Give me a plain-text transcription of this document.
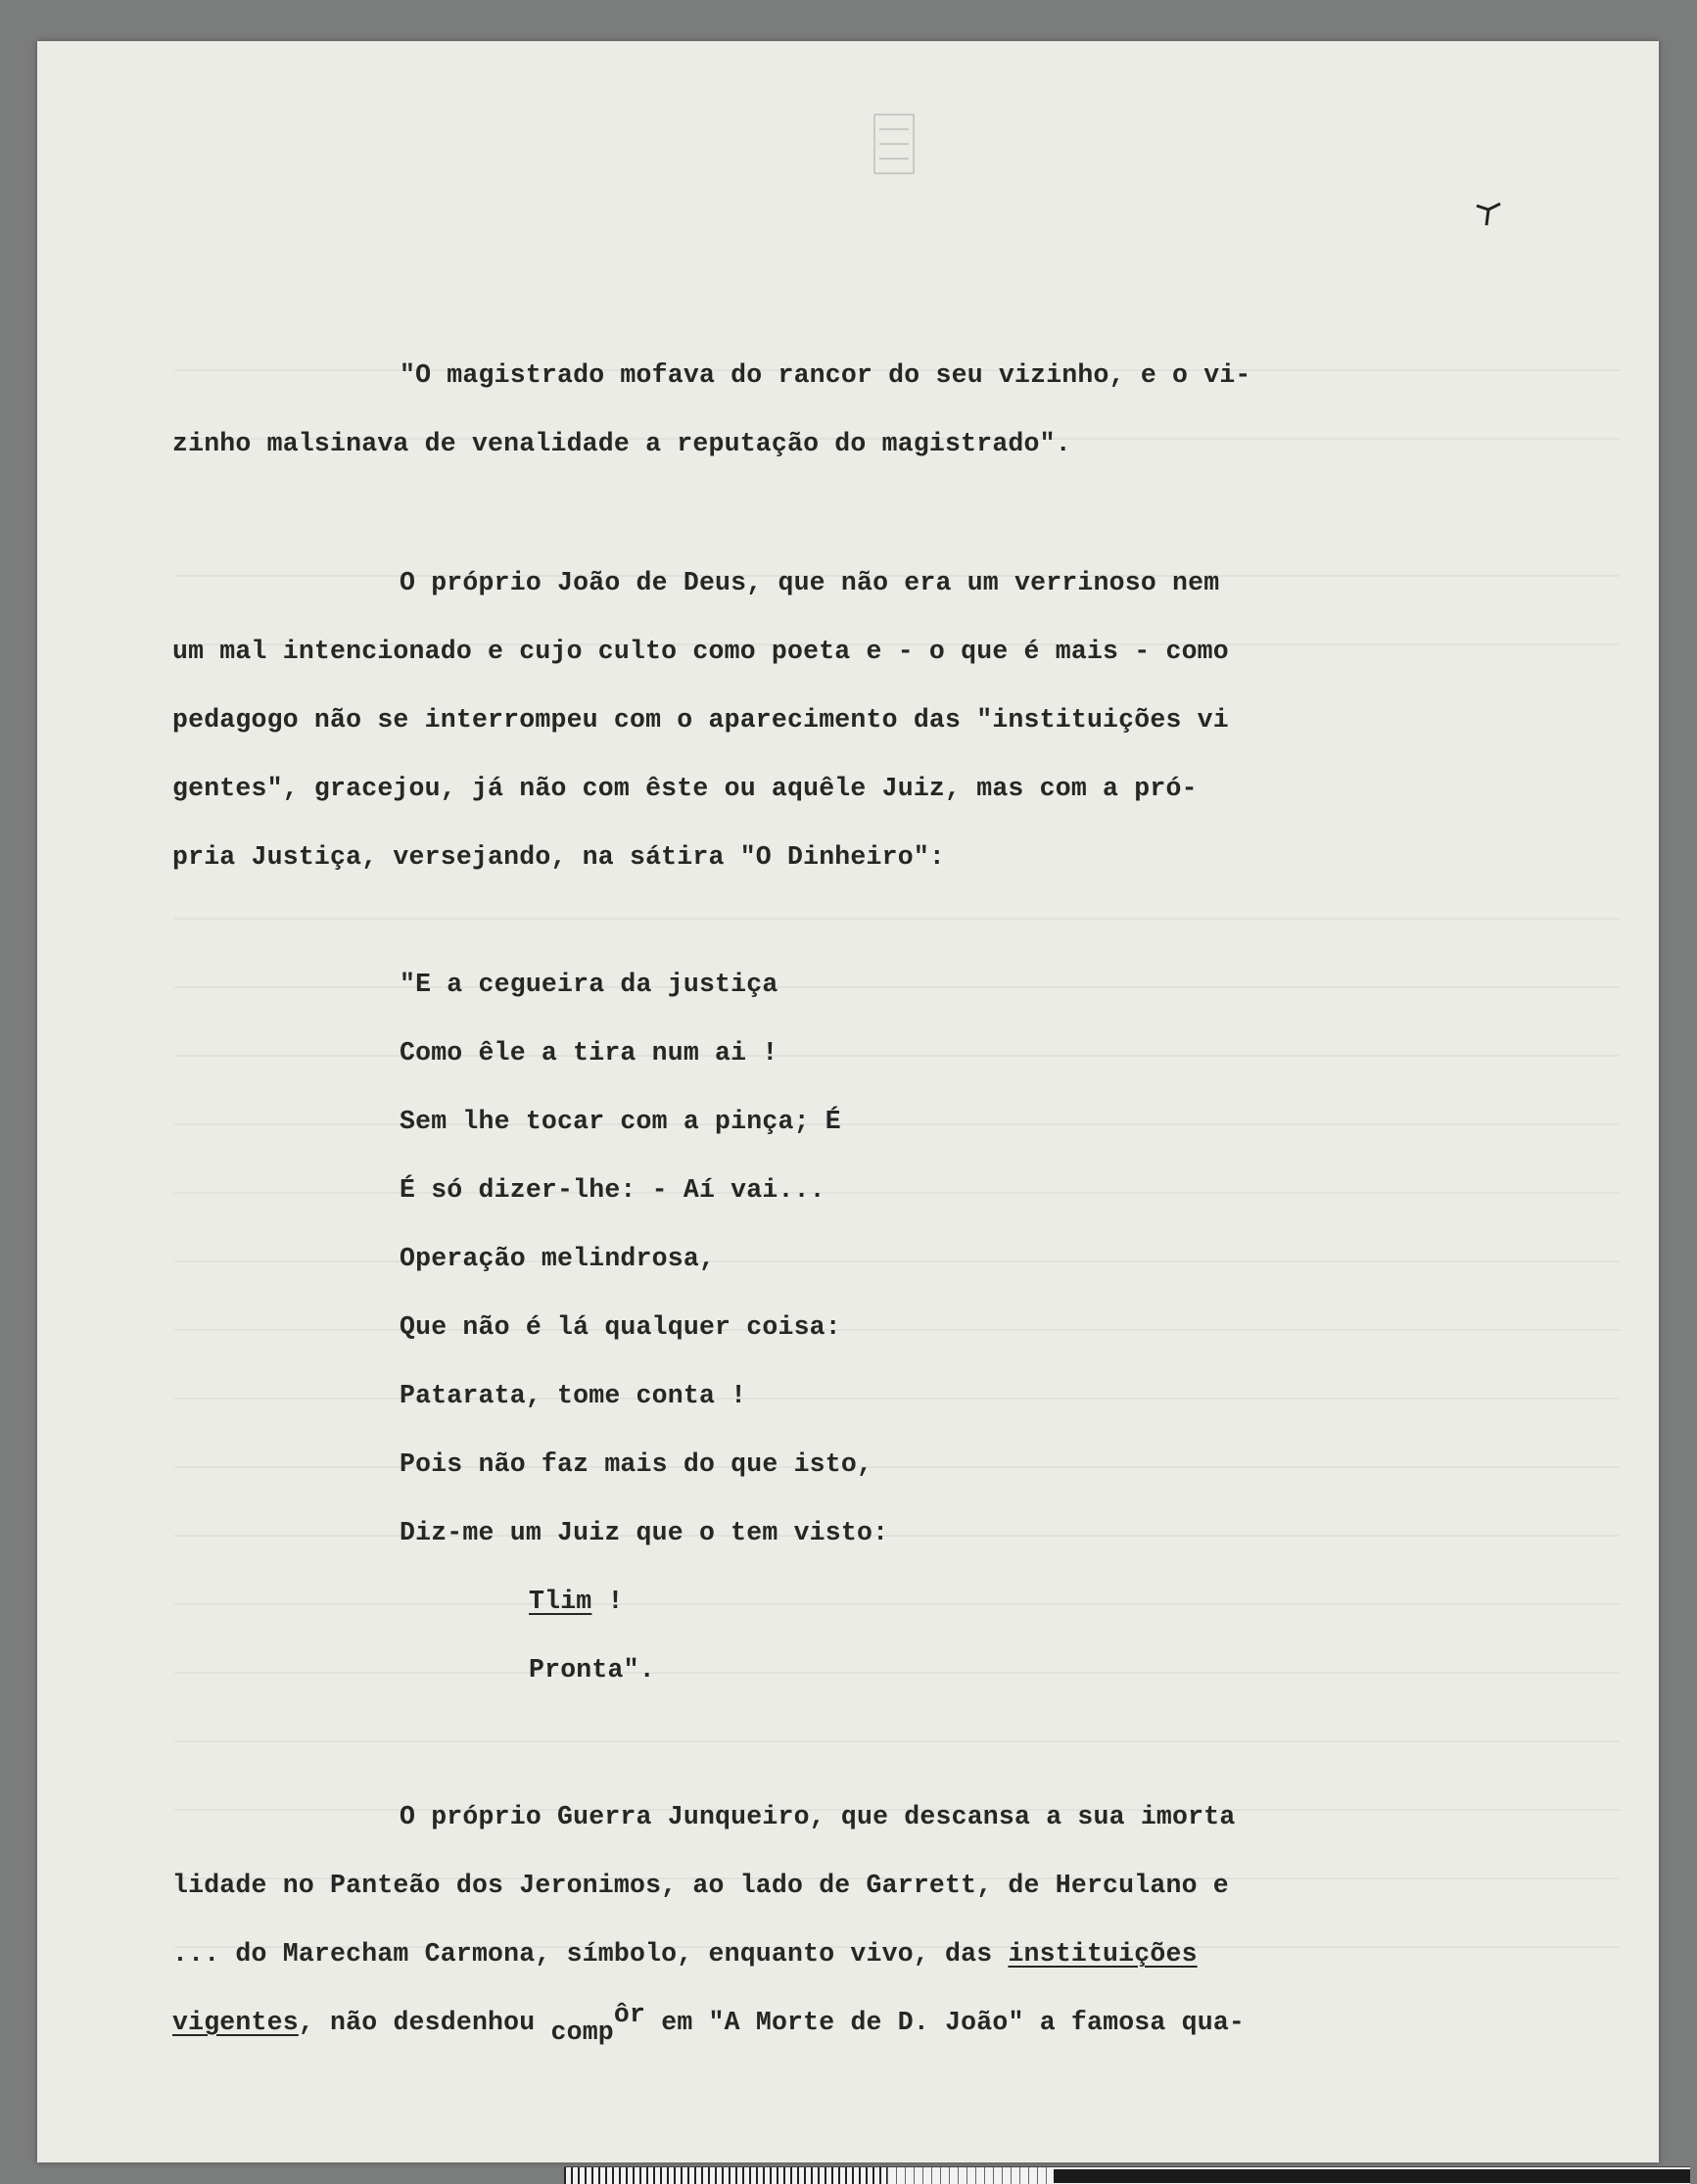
"O magistrado mofava do rancor do seu vizinho, e o vi-
zinho malsinava de venalidade a reputação do magistrado".
O próprio João de Deus, que não era um verrinoso nem
um mal intencionado e cujo culto como poeta e - o que é mais - como
pedagogo não se interrompeu com o aparecimento das "instituições vi
gentes", gracejou, já não com êste ou aquêle Juiz, mas com a pró-
pria Justiça, versejando, na sátira "O Dinheiro":
"E a cegueira da justiça
Como êle a tira num ai !
Sem lhe tocar com a pinça; É
É só dizer-lhe: - Aí vai...
Operação melindrosa,
Que não é lá qualquer coisa:
Patarata, tome conta !
Pois não faz mais do que isto,
Diz-me um Juiz que o tem visto:
Tlim !
Pronta".
O próprio Guerra Junqueiro, que descansa a sua imorta
lidade no Panteão dos Jeronimos, ao lado de Garrett, de Herculano e
... do Marecham Carmona, símbolo, enquanto vivo, das instituições
vigentes, não desdenhou compôr em "A Morte de D. João" a famosa qua-
